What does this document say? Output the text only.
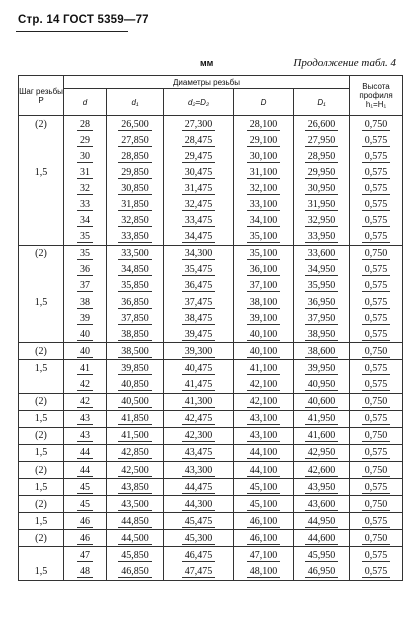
Стр. 14 ГОСТ 5359—77
мм	Продолжение табл. 4
Шаг резьбы P	Диаметры резьбы					Высота профиля h₁=H₁
	d	d₁	d₂=D₂	D	D₁	
(2)	28	26,500	27,300	28,100	26,600	0,750
	29	27,850	28,475	29,100	27,950	0,575
	30	28,850	29,475	30,100	28,950	0,575
1,5	31	29,850	30,475	31,100	29,950	0,575
	32	30,850	31,475	32,100	30,950	0,575
	33	31,850	32,475	33,100	31,950	0,575
	34	32,850	33,475	34,100	32,950	0,575
	35	33,850	34,475	35,100	33,950	0,575
(2)	35	33,500	34,300	35,100	33,600	0,750
	36	34,850	35,475	36,100	34,950	0,575
	37	35,850	36,475	37,100	35,950	0,575
1,5	38	36,850	37,475	38,100	36,950	0,575
	39	37,850	38,475	39,100	37,950	0,575
	40	38,850	39,475	40,100	38,950	0,575
(2)	40	38,500	39,300	40,100	38,600	0,750
1,5	41	39,850	40,475	41,100	39,950	0,575
	42	40,850	41,475	42,100	40,950	0,575
(2)	42	40,500	41,300	42,100	40,600	0,750
1,5	43	41,850	42,475	43,100	41,950	0,575
(2)	43	41,500	42,300	43,100	41,600	0,750
1,5	44	42,850	43,475	44,100	42,950	0,575
(2)	44	42,500	43,300	44,100	42,600	0,750
1,5	45	43,850	44,475	45,100	43,950	0,575
(2)	45	43,500	44,300	45,100	43,600	0,750
1,5	46	44,850	45,475	46,100	44,950	0,575
(2)	46	44,500	45,300	46,100	44,600	0,750
	47	45,850	46,475	47,100	45,950	0,575
1,5	48	46,850	47,475	48,100	46,950	0,575
